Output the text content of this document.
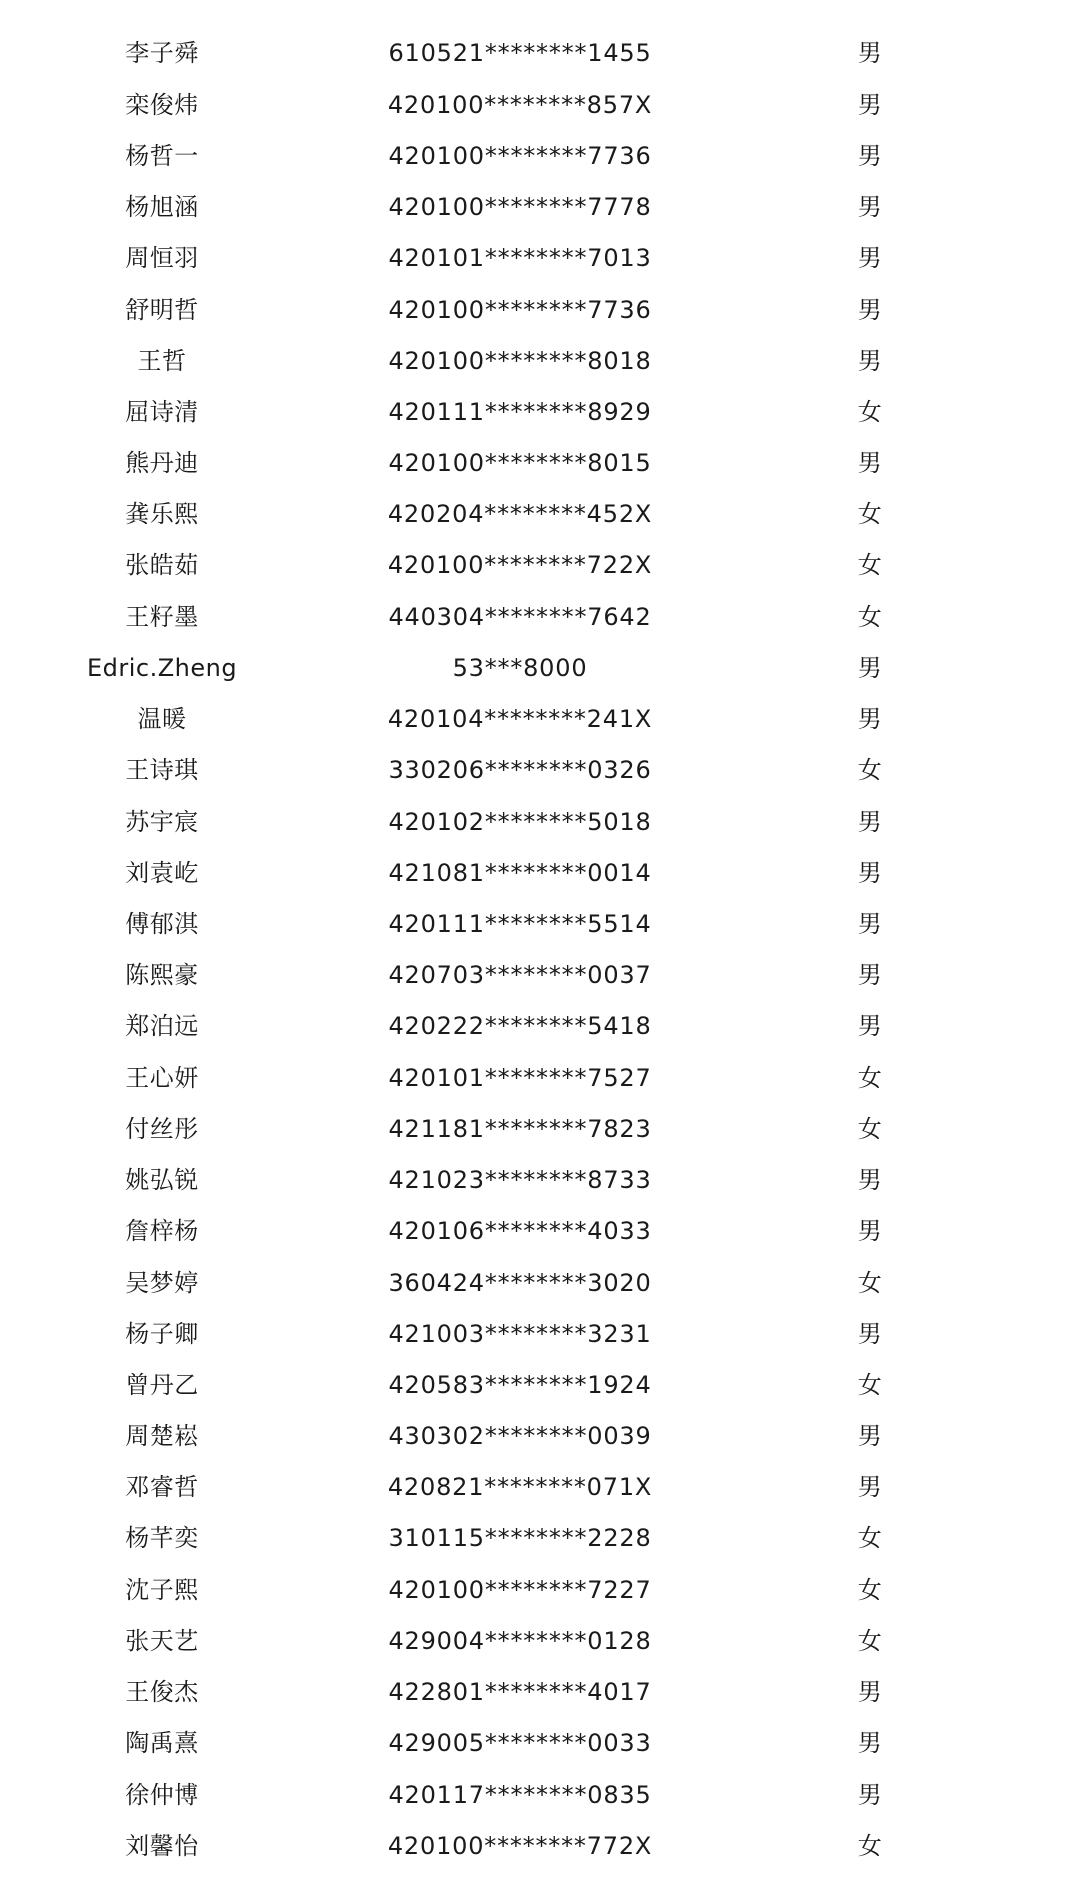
李子舜	610521********1455	男
栾俊炜	420100********857X	男
杨哲一	420100********7736	男
杨旭涵	420100********7778	男
周恒羽	420101********7013	男
舒明哲	420100********7736	男
王哲	420100********8018	男
屈诗清	420111********8929	女
熊丹迪	420100********8015	男
龚乐熙	420204********452X	女
张皓茹	420100********722X	女
王籽墨	440304********7642	女
Edric.Zheng	53***8000	男
温暖	420104********241X	男
王诗琪	330206********0326	女
苏宇宸	420102********5018	男
刘袁屹	421081********0014	男
傅郁淇	420111********5514	男
陈熙豪	420703********0037	男
郑泊远	420222********5418	男
王心妍	420101********7527	女
付丝彤	421181********7823	女
姚弘锐	421023********8733	男
詹梓杨	420106********4033	男
吴梦婷	360424********3020	女
杨子卿	421003********3231	男
曾丹乙	420583********1924	女
周楚崧	430302********0039	男
邓睿哲	420821********071X	男
杨芊奕	310115********2228	女
沈子熙	420100********7227	女
张天艺	429004********0128	女
王俊杰	422801********4017	男
陶禹熹	429005********0033	男
徐仲博	420117********0835	男
刘馨怡	420100********772X	女
